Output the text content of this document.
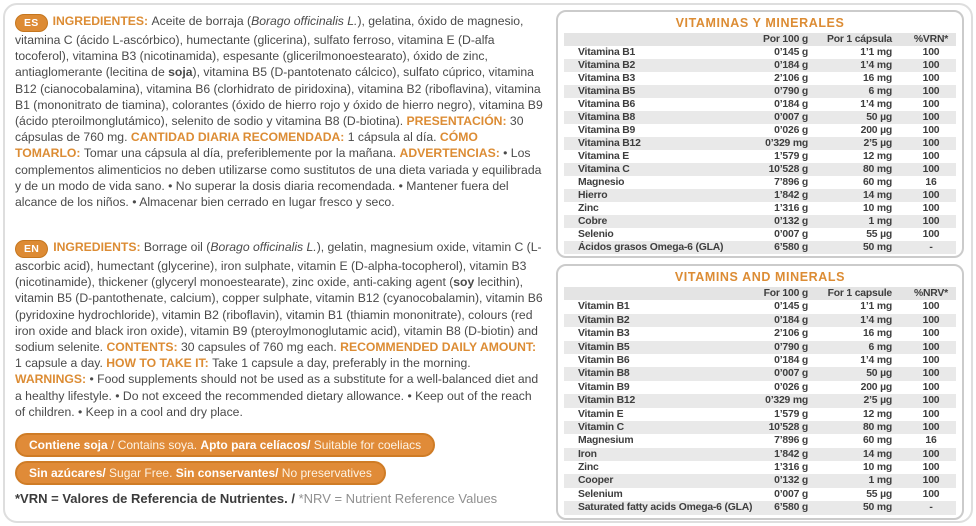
ES INGREDIENTES: Aceite de borraja (Borago officinalis L.), gelatina, óxido de magnesio, vitamina C (ácido L-ascórbico), humectante (glicerina), sulfato ferroso, vitamina E (D-alfa tocoferol), vitamina B3 (nicotinamida), espesante (glicerilmonoestearato), óxido de zinc, antiaglomerante (lecitina de soja), vitamina B5 (D-pantotenato cálcico), sulfato cúprico, vitamina B12 (cianocobalamina), vitamina B6 (clorhidrato de piridoxina), vitamina B2 (riboflavina), vitamina B1 (mononitrato de tiamina), colorantes (óxido de hierro rojo y óxido de hierro negro), vitamina B9 (ácido pteroilmonglutámico), selenito de sodio y vitamina B8 (D-biotina). PRESENTACIÓN: 30 cápsulas de 760 mg. CANTIDAD DIARIA RECOMENDADA: 1 cápsula al día. CÓMO TOMARLO: Tomar una cápsula al día, preferiblemente por la mañana. ADVERTENCIAS: • Los complementos alimenticios no deben utilizarse como sustitutos de una dieta variada y equilibrada y de un modo de vida sano. • No superar la dosis diaria recomendada. • Mantener fuera del alcance de los niños. • Almacenar bien cerrado en lugar fresco y seco.
EN INGREDIENTS: Borrage oil (Borago officinalis L.), gelatin, magnesium oxide, vitamin C (L-ascorbic acid), humectant (glycerine), iron sulphate, vitamin E (D-alpha-tocopherol), vitamin B3 (nicotinamide), thickener (glyceryl monoestearate), zinc oxide, anti-caking agent (soy lecithin), vitamin B5 (D-pantothenate, calcium), copper sulphate, vitamin B12 (cyanocobalamin), vitamin B6 (pyridoxine hydrochloride), vitamin B2 (riboflavin), vitamin B1 (thiamin mononitrate), colours (red iron oxide and black iron oxide), vitamin B9 (pteroylmonoglutamic acid), vitamin B8 (D-biotin) and sodium selenite. CONTENTS: 30 capsules of 760 mg each. RECOMMENDED DAILY AMOUNT: 1 capsule a day. HOW TO TAKE IT: Take 1 capsule a day, preferably in the morning. WARNINGS: • Food supplements should not be used as a substitute for a well-balanced diet and a healthy lifestyle. • Do not exceed the recommended dietary allowance. • Keep out of the reach of children. • Keep in a cool and dry place.
Contiene soja / Contains soya. Apto para celíacos/ Suitable for coeliacs
Sin azúcares/ Sugar Free. Sin conservantes/ No preservatives
*VRN = Valores de Referencia de Nutrientes. / *NRV = Nutrient Reference Values
VITAMINAS Y MINERALES
Por 100 g	Por 1 cápsula	%VRN*
Vitamina B1	0’145 g	1’1 mg	100
Vitamina B2	0’184 g	1’4 mg	100
Vitamina B3	2’106 g	16 mg	100
Vitamina B5	0’790 g	6 mg	100
Vitamina B6	0’184 g	1’4 mg	100
Vitamina B8	0’007 g	50 µg	100
Vitamina B9	0’026 g	200 µg	100
Vitamina B12	0’329 mg	2’5 µg	100
Vitamina E	1’579 g	12 mg	100
Vitamina C	10’528 g	80 mg	100
Magnesio	7’896 g	60 mg	16
Hierro	1’842 g	14 mg	100
Zinc	1’316 g	10 mg	100
Cobre	0’132 g	1 mg	100
Selenio	0’007 g	55 µg	100
Ácidos grasos Omega-6 (GLA)	6’580 g	50 mg	-
VITAMINS AND MINERALS
For 100 g	For 1 capsule	%NRV*
Vitamin B1	0’145 g	1’1 mg	100
Vitamin B2	0’184 g	1’4 mg	100
Vitamin B3	2’106 g	16 mg	100
Vitamin B5	0’790 g	6 mg	100
Vitamin B6	0’184 g	1’4 mg	100
Vitamin B8	0’007 g	50 µg	100
Vitamin B9	0’026 g	200 µg	100
Vitamin B12	0’329 mg	2’5 µg	100
Vitamin E	1’579 g	12 mg	100
Vitamin C	10’528 g	80 mg	100
Magnesium	7’896 g	60 mg	16
Iron	1’842 g	14 mg	100
Zinc	1’316 g	10 mg	100
Cooper	0’132 g	1 mg	100
Selenium	0’007 g	55 µg	100
Saturated fatty acids Omega-6 (GLA)	6’580 g	50 mg	-
